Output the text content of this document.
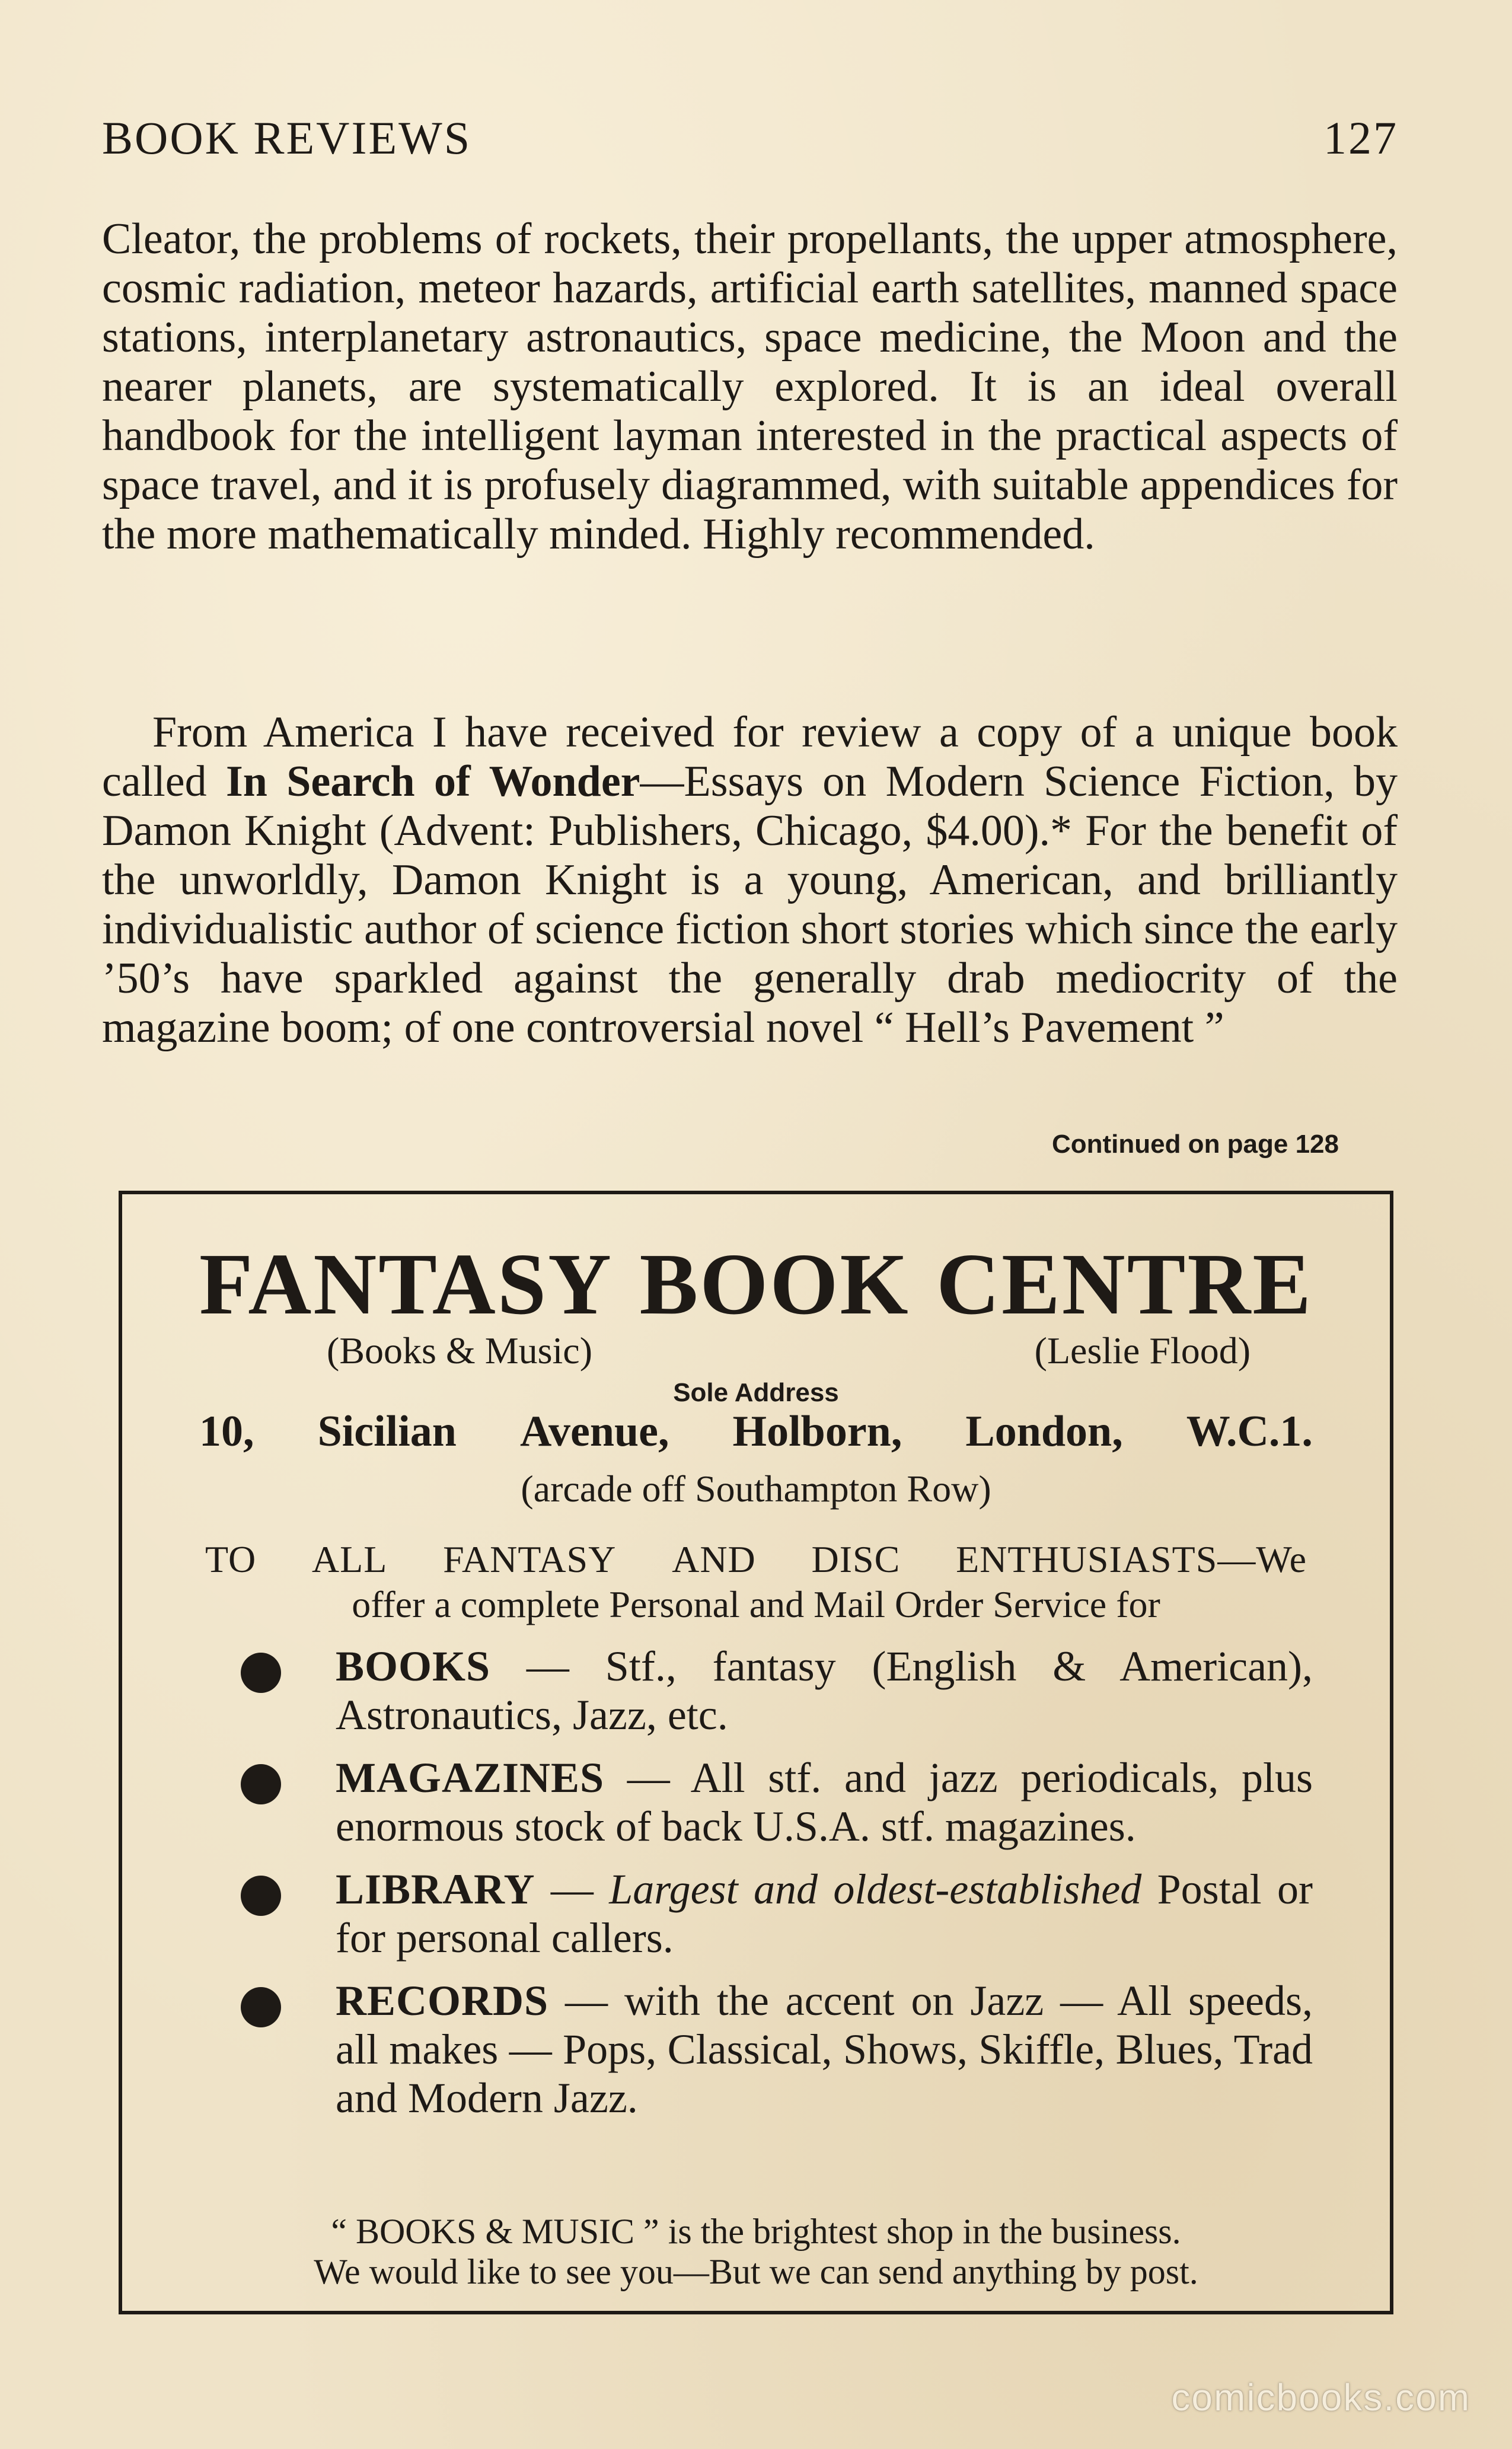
BOOK REVIEWS	127

Cleator, the problems of rockets, their propellants, the upper atmosphere, cosmic radiation, meteor hazards, artificial earth satellites, manned space stations, interplanetary astronautics, space medicine, the Moon and the nearer planets, are systematically explored. It is an ideal overall handbook for the intelligent layman interested in the practical aspects of space travel, and it is profusely diagrammed, with suitable appendices for the more mathematically minded. Highly recommended.

From America I have received for review a copy of a unique book called In Search of Wonder—Essays on Modern Science Fiction, by Damon Knight (Advent: Publishers, Chicago, $4.00).* For the benefit of the unworldly, Damon Knight is a young, American, and brilliantly individualistic author of science fiction short stories which since the early ’50’s have sparkled against the generally drab mediocrity of the magazine boom; of one controversial novel “ Hell’s Pavement ”

Continued on page 128
FANTASY BOOK CENTRE
(Books & Music)	(Leslie Flood)
Sole Address
10, Sicilian Avenue, Holborn, London, W.C.1.
(arcade off Southampton Row)
TO ALL FANTASY AND DISC ENTHUSIASTS—We
offer a complete Personal and Mail Order Service for
BOOKS — Stf., fantasy (English & American), Astronautics, Jazz, etc.
MAGAZINES — All stf. and jazz periodicals, plus enormous stock of back U.S.A. stf. magazines.
LIBRARY — Largest and oldest-established Postal or for personal callers.
RECORDS — with the accent on Jazz — All speeds, all makes — Pops, Classical, Shows, Skiffle, Blues, Trad and Modern Jazz.
“ BOOKS & MUSIC ” is the brightest shop in the business.
We would like to see you—But we can send anything by post.
comicbooks.com
